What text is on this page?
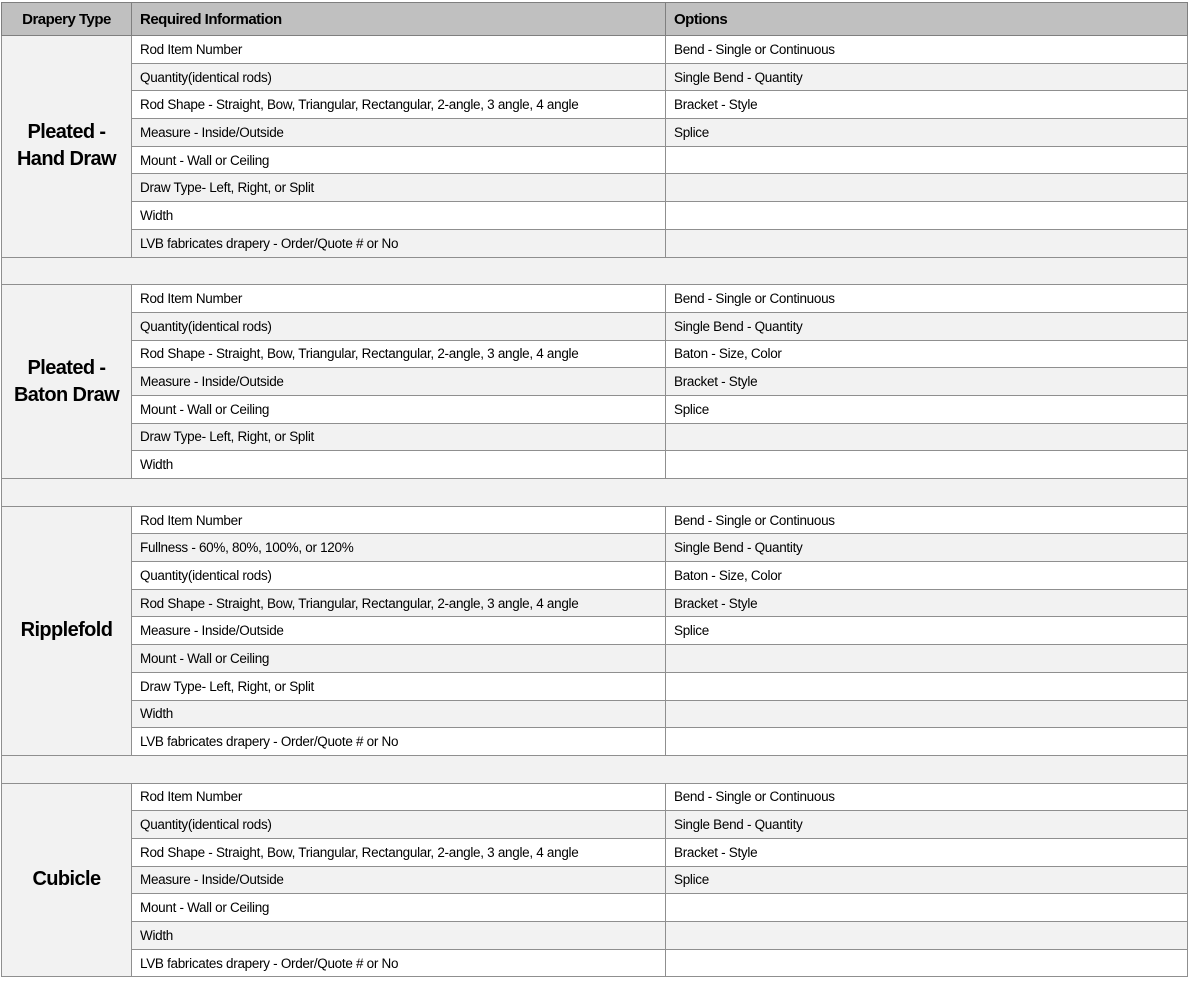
Drapery Type	Required Information	Options
Pleated -
Hand Draw	Rod Item Number	Bend - Single or Continuous
	Quantity(identical rods)	Single Bend - Quantity
	Rod Shape - Straight, Bow, Triangular, Rectangular, 2-angle, 3 angle, 4 angle	Bracket - Style
	Measure - Inside/Outside	Splice
	Mount - Wall or Ceiling	
	Draw Type- Left, Right, or Split	
	Width	
	LVB fabricates drapery - Order/Quote # or No	

Pleated -
Baton Draw	Rod Item Number	Bend - Single or Continuous
	Quantity(identical rods)	Single Bend - Quantity
	Rod Shape - Straight, Bow, Triangular, Rectangular, 2-angle, 3 angle, 4 angle	Baton - Size, Color
	Measure - Inside/Outside	Bracket - Style
	Mount - Wall or Ceiling	Splice
	Draw Type- Left, Right, or Split	
	Width	

Ripplefold	Rod Item Number	Bend - Single or Continuous
	Fullness - 60%, 80%, 100%, or 120%	Single Bend - Quantity
	Quantity(identical rods)	Baton - Size, Color
	Rod Shape - Straight, Bow, Triangular, Rectangular, 2-angle, 3 angle, 4 angle	Bracket - Style
	Measure - Inside/Outside	Splice
	Mount - Wall or Ceiling	
	Draw Type- Left, Right, or Split	
	Width	
	LVB fabricates drapery - Order/Quote # or No	

Cubicle	Rod Item Number	Bend - Single or Continuous
	Quantity(identical rods)	Single Bend - Quantity
	Rod Shape - Straight, Bow, Triangular, Rectangular, 2-angle, 3 angle, 4 angle	Bracket - Style
	Measure - Inside/Outside	Splice
	Mount - Wall or Ceiling	
	Width	
	LVB fabricates drapery - Order/Quote # or No	
